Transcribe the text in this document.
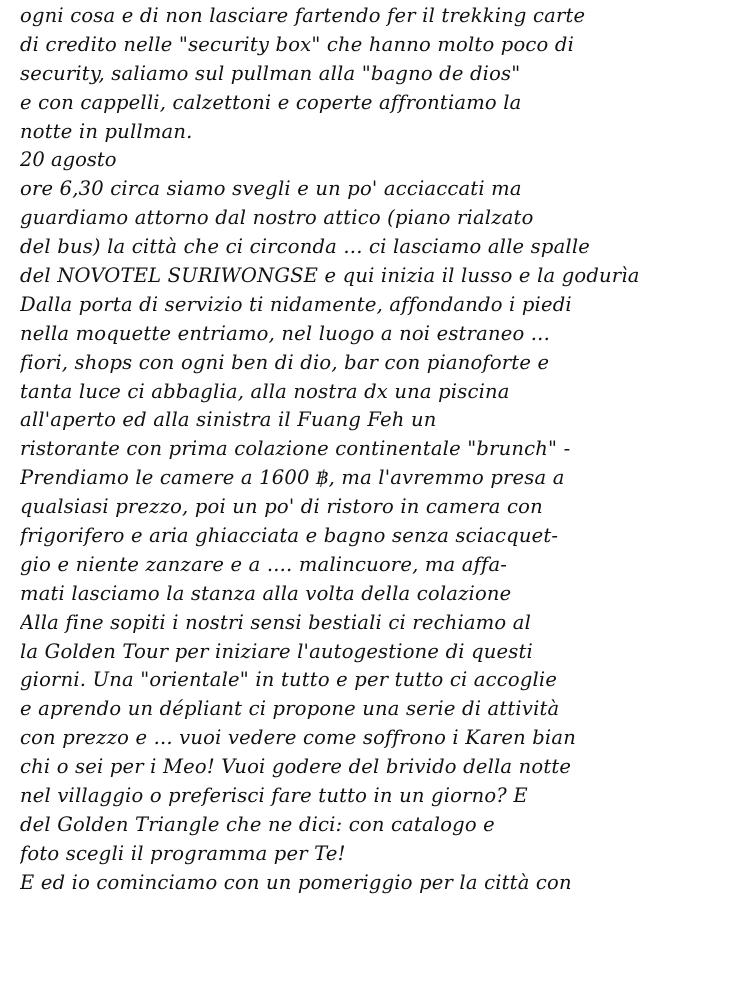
ogni cosa e di non lasciare fartendo fer il trekking carte
di credito nelle "security box" che hanno molto poco di
security, saliamo sul pullman alla "bagno de dios"
e con cappelli, calzettoni e coperte affrontiamo la
notte in pullman.
20 agosto
ore 6,30 circa siamo svegli e un po' acciaccati ma
guardiamo attorno dal nostro attico (piano rialzato
del bus) la città che ci circonda ... ci lasciamo alle spalle
del NOVOTEL SURIWONGSE e qui inizia il lusso e la godurìa
Dalla porta di servizio ti nidamente, affondando i piedi
nella moquette entriamo, nel luogo a noi estraneo ...
fiori, shops con ogni ben di dio, bar con pianoforte e
tanta luce ci abbaglia, alla nostra dx una piscina
all'aperto ed alla sinistra il Fuang Feh un
ristorante con prima colazione continentale "brunch" -
Prendiamo le camere a 1600 ฿, ma l'avremmo presa a
qualsiasi prezzo, poi un po' di ristoro in camera con
frigorifero e aria ghiacciata e bagno senza sciacquet-
gio e niente zanzare e a .... malincuore, ma affa-
mati lasciamo la stanza alla volta della colazione
Alla fine sopiti i nostri sensi bestiali ci rechiamo al
la Golden Tour per iniziare l'autogestione di questi
giorni. Una "orientale" in tutto e per tutto ci accoglie
e aprendo un dépliant ci propone una serie di attività
con prezzo e ... vuoi vedere come soffrono i Karen bian
chi o sei per i Meo! Vuoi godere del brivido della notte
nel villaggio o preferisci fare tutto in un giorno? E
del Golden Triangle che ne dici: con catalogo e
foto scegli il programma per Te!
E ed io cominciamo con un pomeriggio per la città con
